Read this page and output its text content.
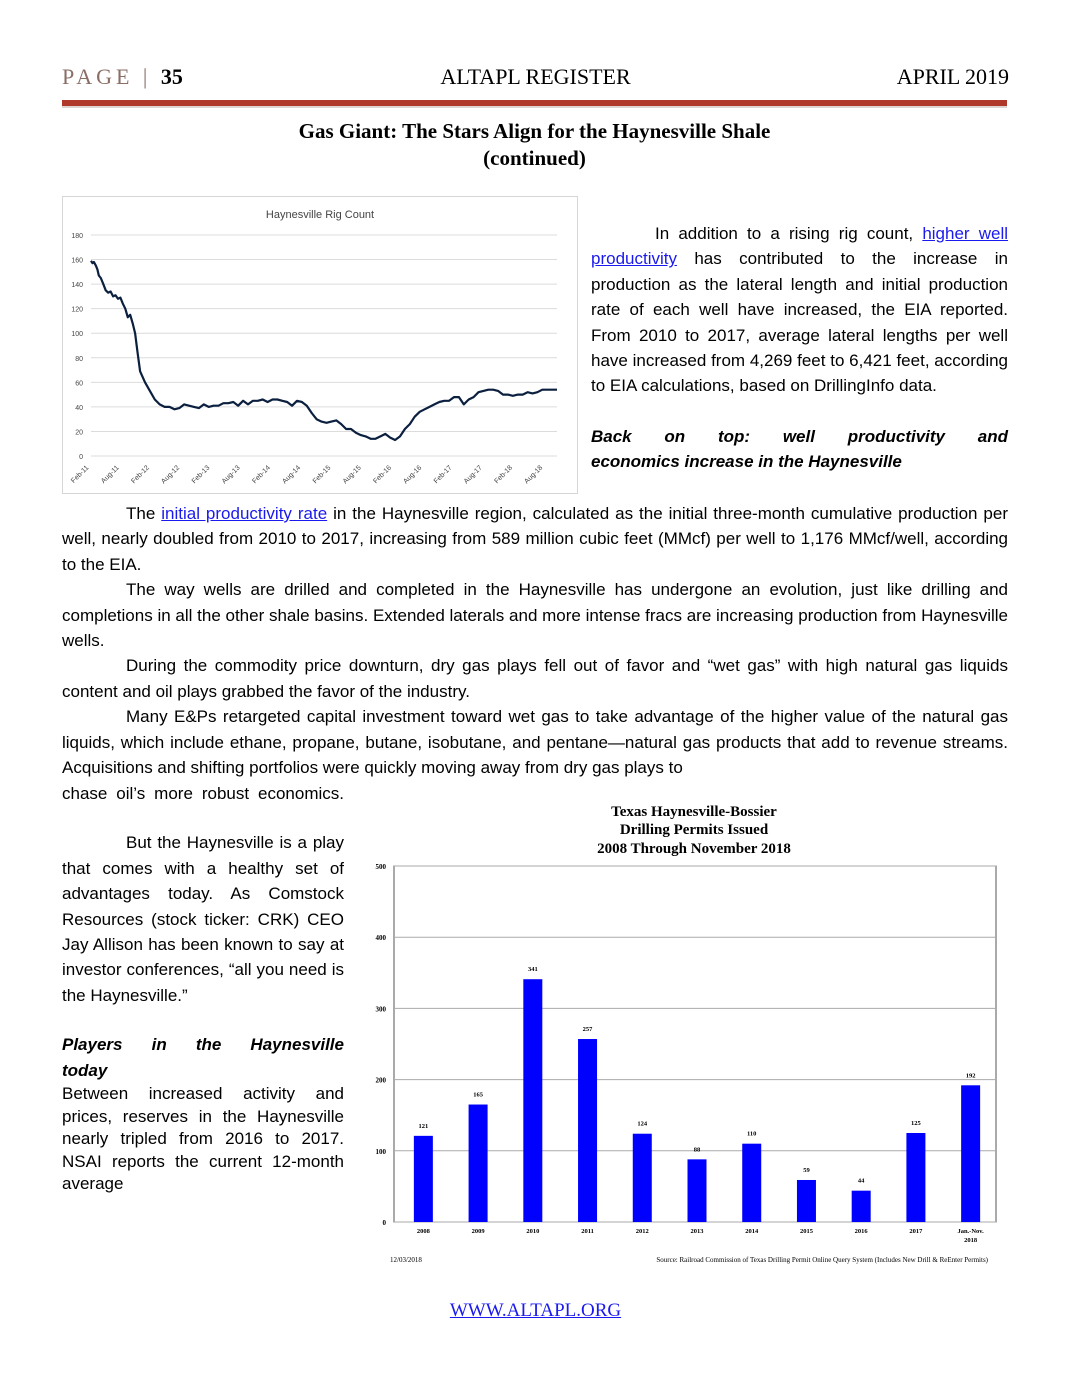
PAGE | 35	ALTAPL REGISTER	APRIL 2019
Gas Giant: The Stars Align for the Haynesville Shale
(continued)
Haynesville Rig Count
0
20
40
60
80
100
120
140
160
180
Feb-11 Aug-11 Feb-12 Aug-12 Feb-13 Aug-13 Feb-14 Aug-14 Feb-15 Aug-15 Feb-16 Aug-16 Feb-17 Aug-17 Feb-18 Aug-18

In addition to a rising rig count, higher well productivity has contributed to the increase in production as the lateral length and initial production rate of each well have increased, the EIA reported. From 2010 to 2017, average lateral lengths per well have increased from 4,269 feet to 6,421 feet, according to EIA calculations, based on DrillingInfo data.

Back on top: well productivity and

economics increase in the Haynesville

The initial productivity rate in the Haynesville region, calculated as the initial three-month cumulative production per well, nearly doubled from 2010 to 2017, increasing from 589 million cubic feet (MMcf) per well to 1,176 MMcf/well, according to the EIA.

The way wells are drilled and completed in the Haynesville has undergone an evolution, just like drilling and completions in all the other shale basins. Extended laterals and more intense fracs are increasing production from Haynesville wells.

During the commodity price downturn, dry gas plays fell out of favor and “wet gas” with high natural gas liquids content and oil plays grabbed the favor of the industry.

Many E&Ps retargeted capital investment toward wet gas to take advantage of the higher value of the natural gas liquids, which include ethane, propane, butane, isobutane, and pentane—natural gas products that add to revenue streams. Acquisitions and shifting portfolios were quickly moving away from dry gas plays to

chase oil’s more robust economics.

But the Haynesville is a play that comes with a healthy set of advantages today. As Comstock Resources (stock ticker: CRK) CEO Jay Allison has been known to say at investor conferences, “all you need is the Haynesville.”

Players in the Haynesville

today

Between increased activity and prices, reserves in the Haynesville nearly tripled from 2016 to 2017. NSAI reports the current 12-month average

Texas Haynesville-Bossier
Drilling Permits Issued
2008 Through November 2018
0
100
200
300
400
500
121
2008
165
2009
341
2010
257
2011
124
2012
88
2013
110
2014
59
2015
44
2016
125
2017
192
Jan.-Nov.
2018
12/03/2018	Source: Railroad Commission of Texas Drilling Permit Online Query System (Includes New Drill & ReEnter Permits)
WWW.ALTAPL.ORG
